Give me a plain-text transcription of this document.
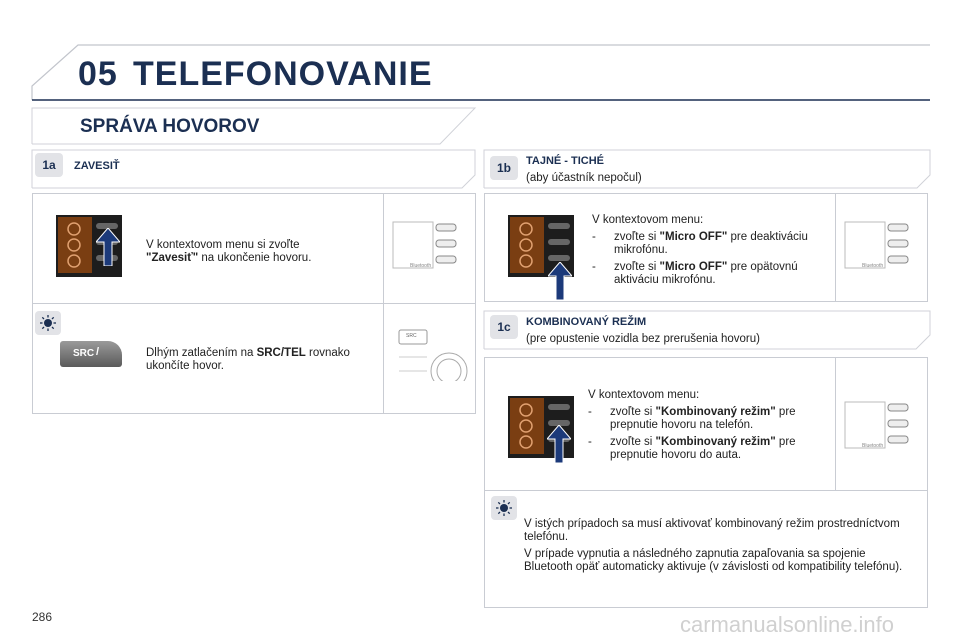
05 TELEFONOVANIE
SPRÁVA HOVOROV
1a	ZAVESIŤ
V kontextovom menu si zvoľte
"Zavesiť" na ukončenie hovoru.
Bluetooth
SRC /	Dlhým zatlačením na SRC/TEL rovnako ukončíte hovor.
SRC
1b	TAJNÉ - TICHÉ
(aby účastník nepočul)
V kontextovom menu:
-	zvoľte si "Micro OFF" pre deaktiváciu mikrofónu.
-	zvoľte si "Micro OFF" pre opätovnú aktiváciu mikrofónu.
Bluetooth
1c	KOMBINOVANÝ REŽIM
(pre opustenie vozidla bez prerušenia hovoru)
V kontextovom menu:
-	zvoľte si "Kombinovaný režim" pre prepnutie hovoru na telefón.
-	zvoľte si "Kombinovaný režim" pre prepnutie hovoru do auta.
Bluetooth
V istých prípadoch sa musí aktivovať kombinovaný režim prostredníctvom telefónu.
V prípade vypnutia a následného zapnutia zapaľovania sa spojenie Bluetooth opäť automaticky aktivuje (v závislosti od kompatibility telefónu).
286	carmanualsonline.info
